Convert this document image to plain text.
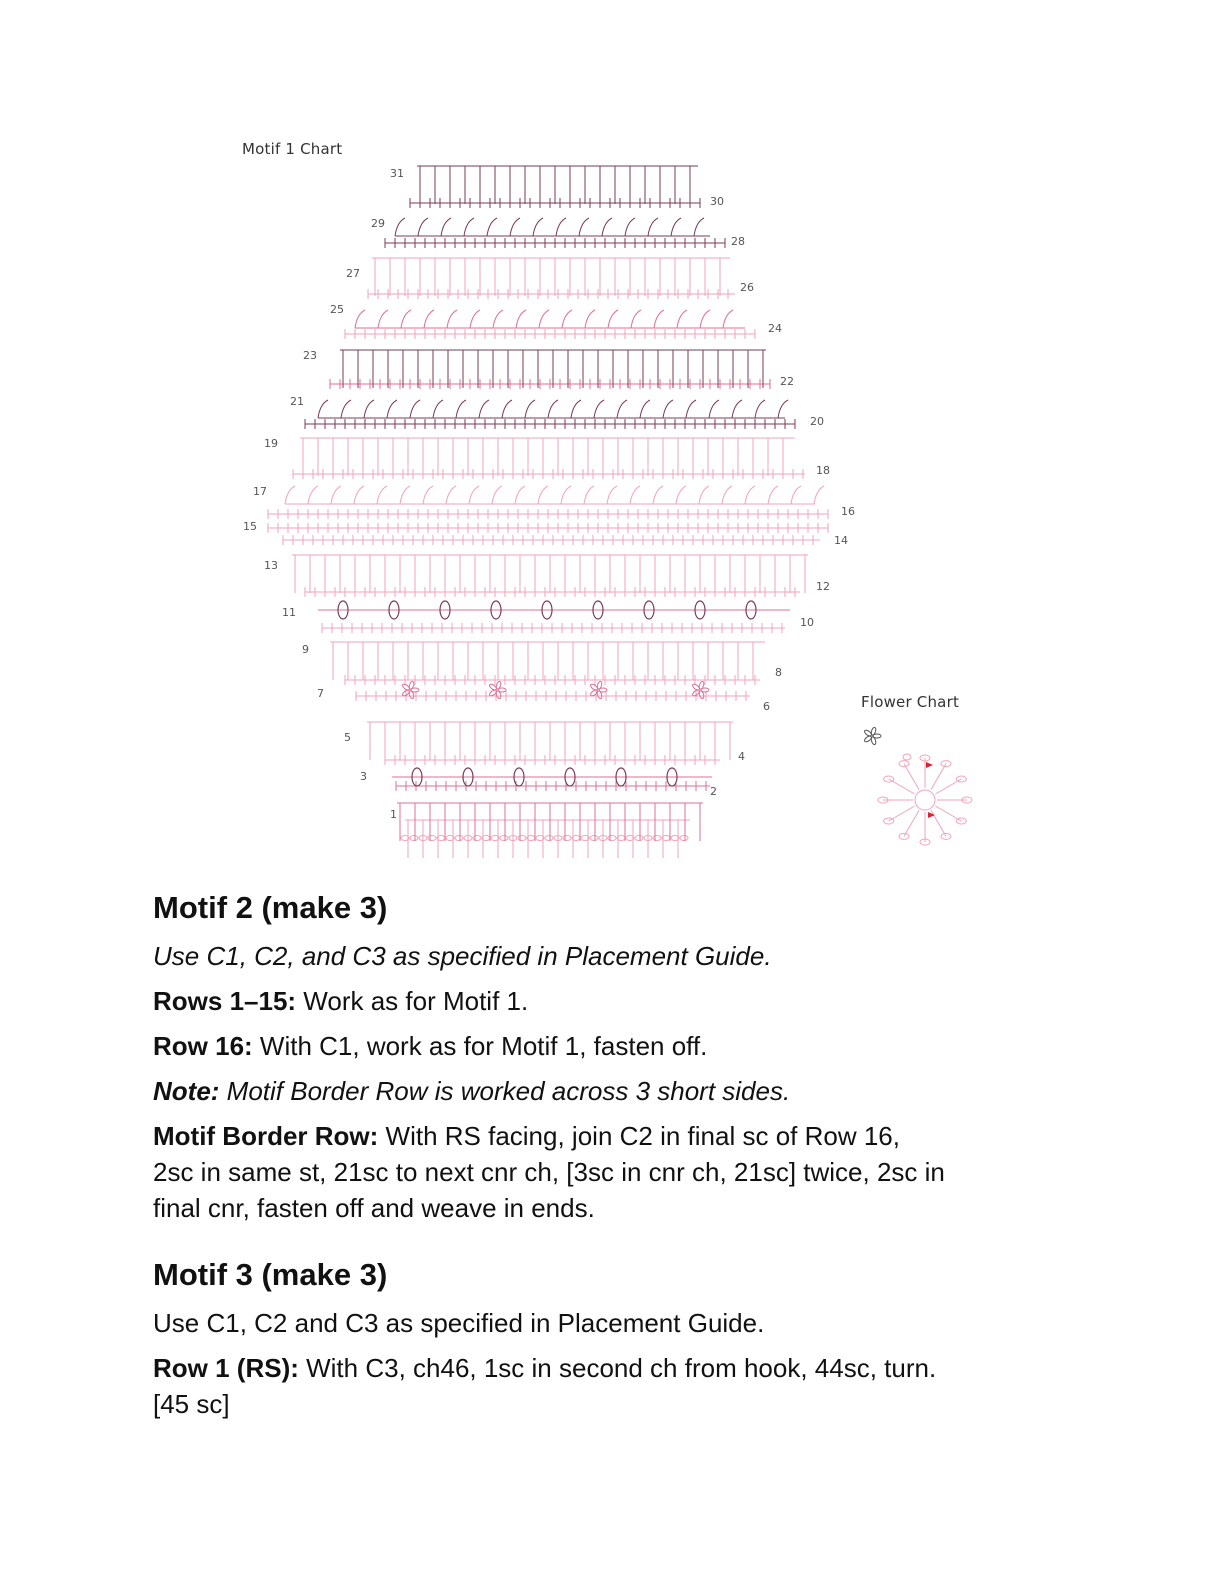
Motif 1 Chart
Flower Chart
1
2
3
4
5
6
7
8
9
10
11
12
13
14
15
16
17
18
19
20
21
22
23
24
25
26
27
28
29
30
31
Motif 2 (make 3)
Use C1, C2, and C3 as specified in Placement Guide.
Rows 1–15: Work as for Motif 1.
Row 16: With C1, work as for Motif 1, fasten off.
Note: Motif Border Row is worked across 3 short sides.
Motif Border Row: With RS facing, join C2 in final sc of Row 16,
2sc in same st, 21sc to next cnr ch, [3sc in cnr ch, 21sc] twice, 2sc in
final cnr, fasten off and weave in ends.
Motif 3 (make 3)
Use C1, C2 and C3 as specified in Placement Guide.
Row 1 (RS): With C3, ch46, 1sc in second ch from hook, 44sc, turn.
[45 sc]
